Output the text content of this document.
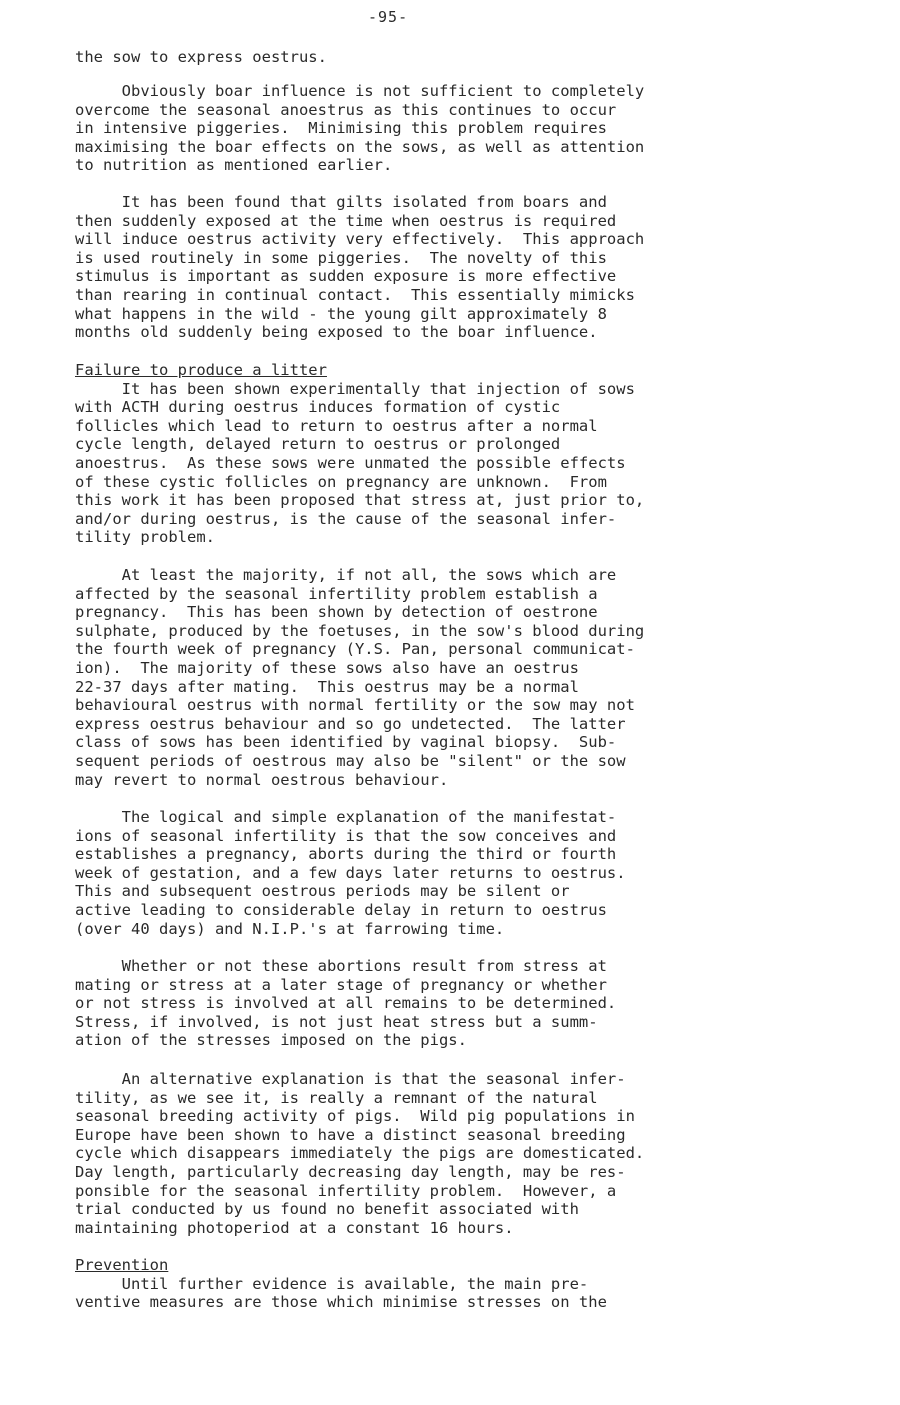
-95-
the sow to express oestrus.
Obviously boar influence is not sufficient to completely
overcome the seasonal anoestrus as this continues to occur
in intensive piggeries.  Minimising this problem requires
maximising the boar effects on the sows, as well as attention
to nutrition as mentioned earlier.
It has been found that gilts isolated from boars and
then suddenly exposed at the time when oestrus is required
will induce oestrus activity very effectively.  This approach
is used routinely in some piggeries.  The novelty of this
stimulus is important as sudden exposure is more effective
than rearing in continual contact.  This essentially mimicks
what happens in the wild - the young gilt approximately 8
months old suddenly being exposed to the boar influence.
Failure to produce a litter
It has been shown experimentally that injection of sows
with ACTH during oestrus induces formation of cystic
follicles which lead to return to oestrus after a normal
cycle length, delayed return to oestrus or prolonged
anoestrus.  As these sows were unmated the possible effects
of these cystic follicles on pregnancy are unknown.  From
this work it has been proposed that stress at, just prior to,
and/or during oestrus, is the cause of the seasonal infer-
tility problem.
At least the majority, if not all, the sows which are
affected by the seasonal infertility problem establish a
pregnancy.  This has been shown by detection of oestrone
sulphate, produced by the foetuses, in the sow's blood during
the fourth week of pregnancy (Y.S. Pan, personal communicat-
ion).  The majority of these sows also have an oestrus
22-37 days after mating.  This oestrus may be a normal
behavioural oestrus with normal fertility or the sow may not
express oestrus behaviour and so go undetected.  The latter
class of sows has been identified by vaginal biopsy.  Sub-
sequent periods of oestrous may also be "silent" or the sow
may revert to normal oestrous behaviour.
The logical and simple explanation of the manifestat-
ions of seasonal infertility is that the sow conceives and
establishes a pregnancy, aborts during the third or fourth
week of gestation, and a few days later returns to oestrus.
This and subsequent oestrous periods may be silent or
active leading to considerable delay in return to oestrus
(over 40 days) and N.I.P.'s at farrowing time.
Whether or not these abortions result from stress at
mating or stress at a later stage of pregnancy or whether
or not stress is involved at all remains to be determined.
Stress, if involved, is not just heat stress but a summ-
ation of the stresses imposed on the pigs.
An alternative explanation is that the seasonal infer-
tility, as we see it, is really a remnant of the natural
seasonal breeding activity of pigs.  Wild pig populations in
Europe have been shown to have a distinct seasonal breeding
cycle which disappears immediately the pigs are domesticated.
Day length, particularly decreasing day length, may be res-
ponsible for the seasonal infertility problem.  However, a
trial conducted by us found no benefit associated with
maintaining photoperiod at a constant 16 hours.
Prevention
Until further evidence is available, the main pre-
ventive measures are those which minimise stresses on the
